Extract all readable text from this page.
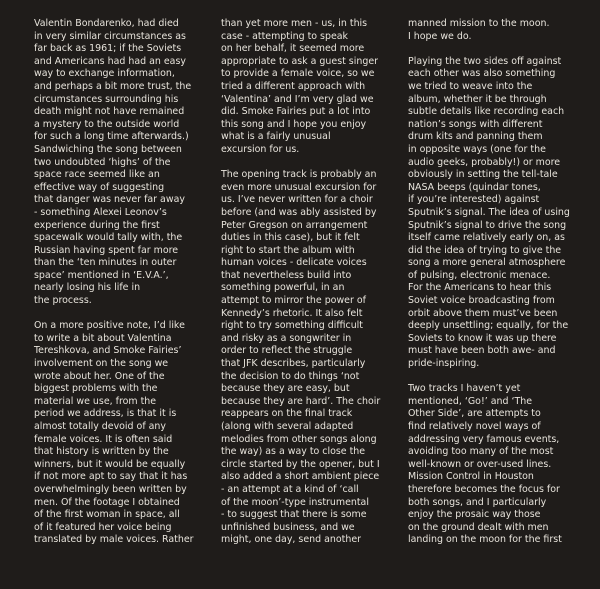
Valentin Bondarenko, had died
in very similar circumstances as
far back as 1961; if the Soviets
and Americans had had an easy
way to exchange information,
and perhaps a bit more trust, the
circumstances surrounding his
death might not have remained
a mystery to the outside world
for such a long time afterwards.)
Sandwiching the song between
two undoubted ‘highs’ of the
space race seemed like an
effective way of suggesting
that danger was never far away
- something Alexei Leonov’s
experience during the first
spacewalk would tally with, the
Russian having spent far more
than the ‘ten minutes in outer
space’ mentioned in ‘E.V.A.’,
nearly losing his life in
the process.
On a more positive note, I’d like
to write a bit about Valentina
Tereshkova, and Smoke Fairies’
involvement on the song we
wrote about her. One of the
biggest problems with the
material we use, from the
period we address, is that it is
almost totally devoid of any
female voices. It is often said
that history is written by the
winners, but it would be equally
if not more apt to say that it has
overwhelmingly been written by
men. Of the footage I obtained
of the first woman in space, all
of it featured her voice being
translated by male voices. Rather
than yet more men - us, in this
case - attempting to speak
on her behalf, it seemed more
appropriate to ask a guest singer
to provide a female voice, so we
tried a different approach with
‘Valentina’ and I’m very glad we
did. Smoke Fairies put a lot into
this song and I hope you enjoy
what is a fairly unusual
excursion for us.
The opening track is probably an
even more unusual excursion for
us. I’ve never written for a choir
before (and was ably assisted by
Peter Gregson on arrangement
duties in this case), but it felt
right to start the album with
human voices - delicate voices
that nevertheless build into
something powerful, in an
attempt to mirror the power of
Kennedy’s rhetoric. It also felt
right to try something difficult
and risky as a songwriter in
order to reflect the struggle
that JFK describes, particularly
the decision to do things ‘not
because they are easy, but
because they are hard’. The choir
reappears on the final track
(along with several adapted
melodies from other songs along
the way) as a way to close the
circle started by the opener, but I
also added a short ambient piece
- an attempt at a kind of ‘call
of the moon’-type instrumental
- to suggest that there is some
unfinished business, and we
might, one day, send another
manned mission to the moon.
I hope we do.
Playing the two sides off against
each other was also something
we tried to weave into the
album, whether it be through
subtle details like recording each
nation’s songs with different
drum kits and panning them
in opposite ways (one for the
audio geeks, probably!) or more
obviously in setting the tell-tale
NASA beeps (quindar tones,
if you’re interested) against
Sputnik’s signal. The idea of using
Sputnik’s signal to drive the song
itself came relatively early on, as
did the idea of trying to give the
song a more general atmosphere
of pulsing, electronic menace.
For the Americans to hear this
Soviet voice broadcasting from
orbit above them must’ve been
deeply unsettling; equally, for the
Soviets to know it was up there
must have been both awe- and
pride-inspiring.
Two tracks I haven’t yet
mentioned, ‘Go!’ and ‘The
Other Side’, are attempts to
find relatively novel ways of
addressing very famous events,
avoiding too many of the most
well-known or over-used lines.
Mission Control in Houston
therefore becomes the focus for
both songs, and I particularly
enjoy the prosaic way those
on the ground dealt with men
landing on the moon for the first
